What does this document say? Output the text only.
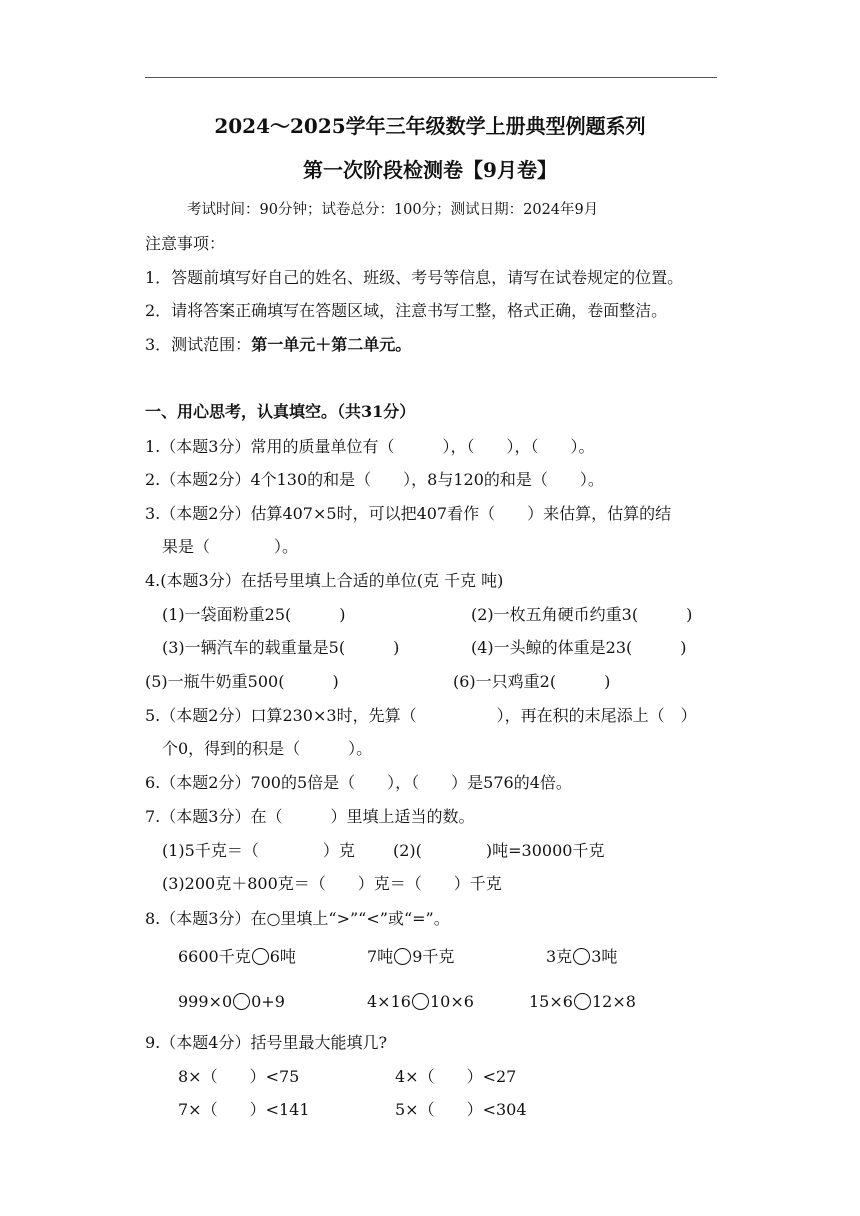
2024～2025学年三年级数学上册典型例题系列
第一次阶段检测卷【9月卷】
考试时间：90分钟；试卷总分：100分；测试日期：2024年9月
注意事项：
1．答题前填写好自己的姓名、班级、考号等信息，请写在试卷规定的位置。
2．请将答案正确填写在答题区域，注意书写工整，格式正确，卷面整洁。
3．测试范围：第一单元＋第二单元。
一、用心思考，认真填空。（共31分）
1.（本题3分）常用的质量单位有（　　　），（　　），（　　）。
2.（本题2分）4个130的和是（　　），8与120的和是（　　）。
3.（本题2分）估算407×5时，可以把407看作（　　）来估算，估算的结
果是（　　　　）。
4.(本题3分）在括号里填上合适的单位(克 千克 吨)
(1)一袋面粉重25(　　　)	(2)一枚五角硬币约重3(　　　)
(3)一辆汽车的载重量是5(　　　)	(4)一头鲸的体重是23(　　　)
(5)一瓶牛奶重500(　　　)	(6)一只鸡重2(　　　)
5.（本题2分）口算230×3时，先算（　　　　　），再在积的末尾添上（　）
个0，得到的积是（　　　）。
6.（本题2分）700的5倍是（　　），（　　）是576的4倍。
7.（本题3分）在（　　　）里填上适当的数。
(1)5千克＝（　　　　）克 (2)(　　　　)吨=30000千克
(3)200克＋800克＝（　　）克＝（　　）千克
8.（本题3分）在○里填上“>”“<”或“=”。
6600千克 6吨	7吨 9千克	3克 3吨
999×0 0+9	4×16 10×6	15×6 12×8
9.（本题4分）括号里最大能填几?
8×（　　）<75	4×（　　）<27
7×（　　）<141	5×（　　）<304
